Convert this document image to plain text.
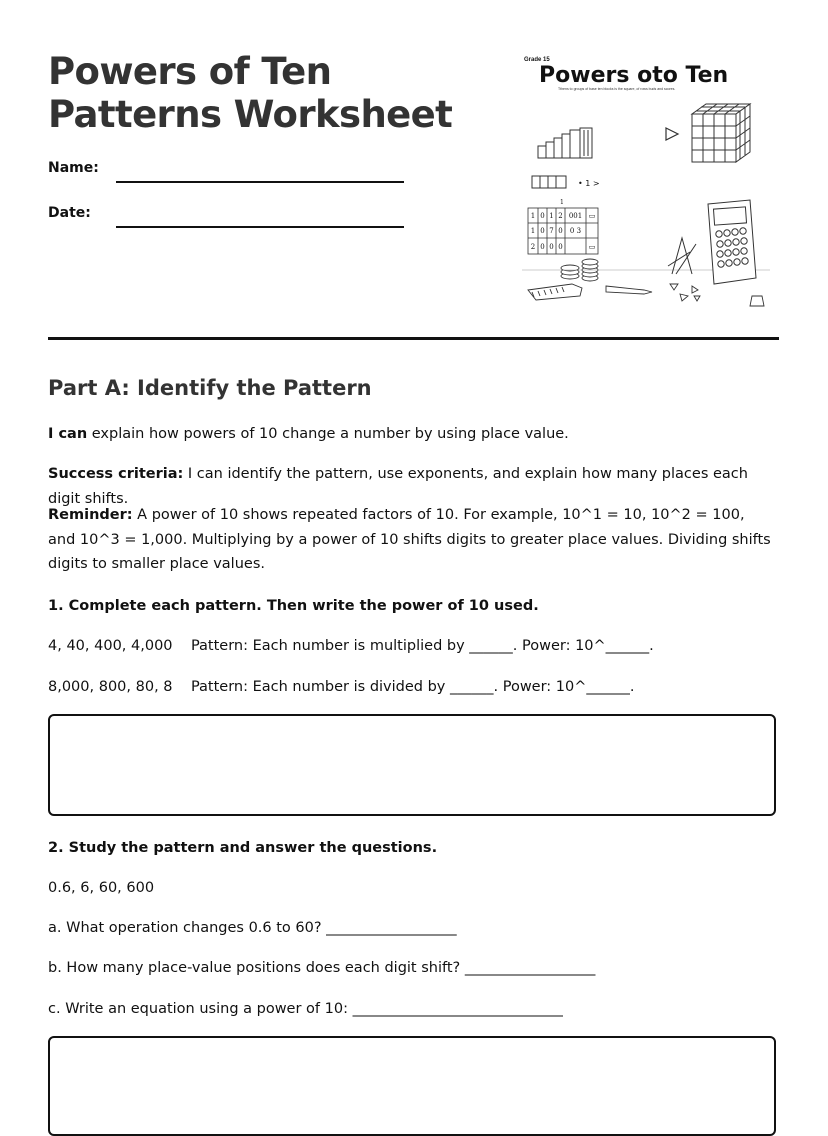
Powers of Ten Patterns Worksheet
Name:
Date:
Grade 15
Powers oto Ten
Tthens to groups of base ten blocks is the square, of rows buds and scores.
• 1 >
1
1 0 1 2 001 ▭
1 0 7 0 0 3
2 0 0 0	▭
Part A: Identify the Pattern

I can explain how powers of 10 change a number by using place value.

Success criteria: I can identify the pattern, use exponents, and explain how many places each digit shifts.

Reminder: A power of 10 shows repeated factors of 10. For example, 10^1 = 10, 10^2 = 100, and 10^3 = 1,000. Multiplying by a power of 10 shifts digits to greater place values. Dividing shifts digits to smaller place values.

1. Complete each pattern. Then write the power of 10 used.

4, 40, 400, 4,000    Pattern: Each number is multiplied by ______. Power: 10^______.

8,000, 800, 80, 8    Pattern: Each number is divided by ______. Power: 10^______.

2. Study the pattern and answer the questions.

0.6, 6, 60, 600

a. What operation changes 0.6 to 60? __________________

b. How many place-value positions does each digit shift? __________________

c. Write an equation using a power of 10: _____________________________
